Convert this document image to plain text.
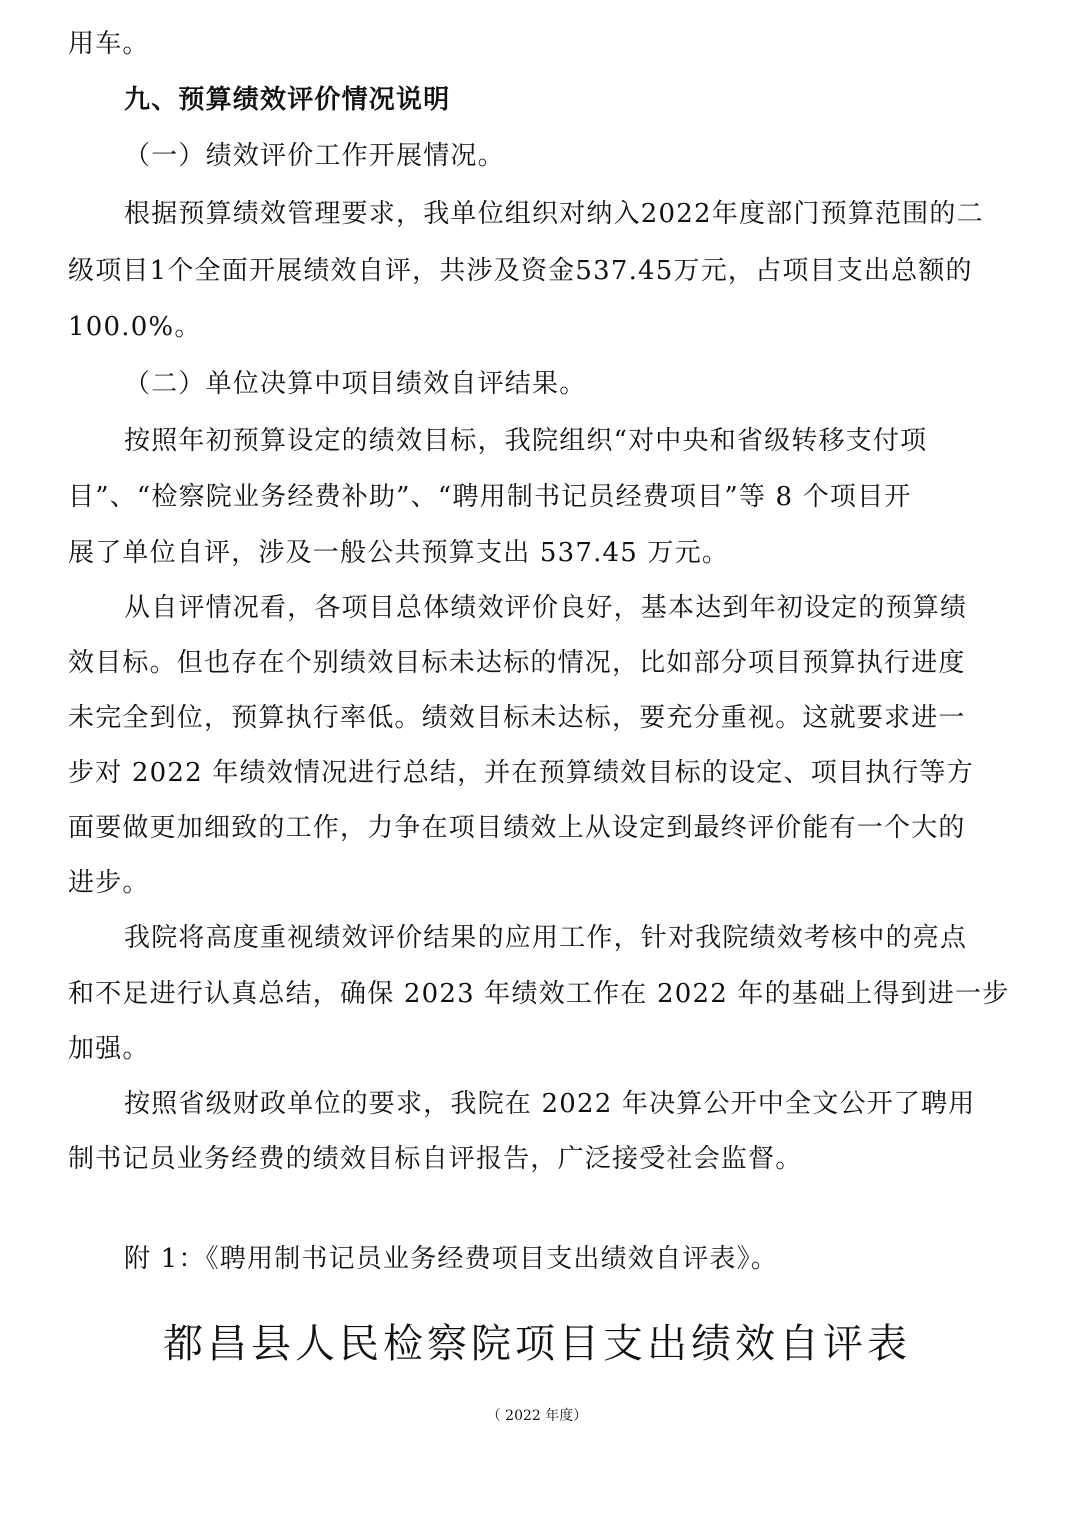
用车。
九、预算绩效评价情况说明
（一）绩效评价工作开展情况。
根据预算绩效管理要求，我单位组织对纳入2022年度部门预算范围的二
级项目1个全面开展绩效自评，共涉及资金537.45万元，占项目支出总额的
100.0%。
（二）单位决算中项目绩效自评结果。
按照年初预算设定的绩效目标，我院组织“对中央和省级转移支付项
目”、“检察院业务经费补助”、“聘用制书记员经费项目”等 8 个项目开
展了单位自评，涉及一般公共预算支出 537.45 万元。
从自评情况看，各项目总体绩效评价良好，基本达到年初设定的预算绩
效目标。但也存在个别绩效目标未达标的情况，比如部分项目预算执行进度
未完全到位，预算执行率低。绩效目标未达标，要充分重视。这就要求进一
步对 2022 年绩效情况进行总结，并在预算绩效目标的设定、项目执行等方
面要做更加细致的工作，力争在项目绩效上从设定到最终评价能有一个大的
进步。
我院将高度重视绩效评价结果的应用工作，针对我院绩效考核中的亮点
和不足进行认真总结，确保 2023 年绩效工作在 2022 年的基础上得到进一步
加强。
按照省级财政单位的要求，我院在 2022 年决算公开中全文公开了聘用
制书记员业务经费的绩效目标自评报告，广泛接受社会监督。
附 1：《聘用制书记员业务经费项目支出绩效自评表》。
都昌县人民检察院项目支出绩效自评表
（ 2022 年度）
